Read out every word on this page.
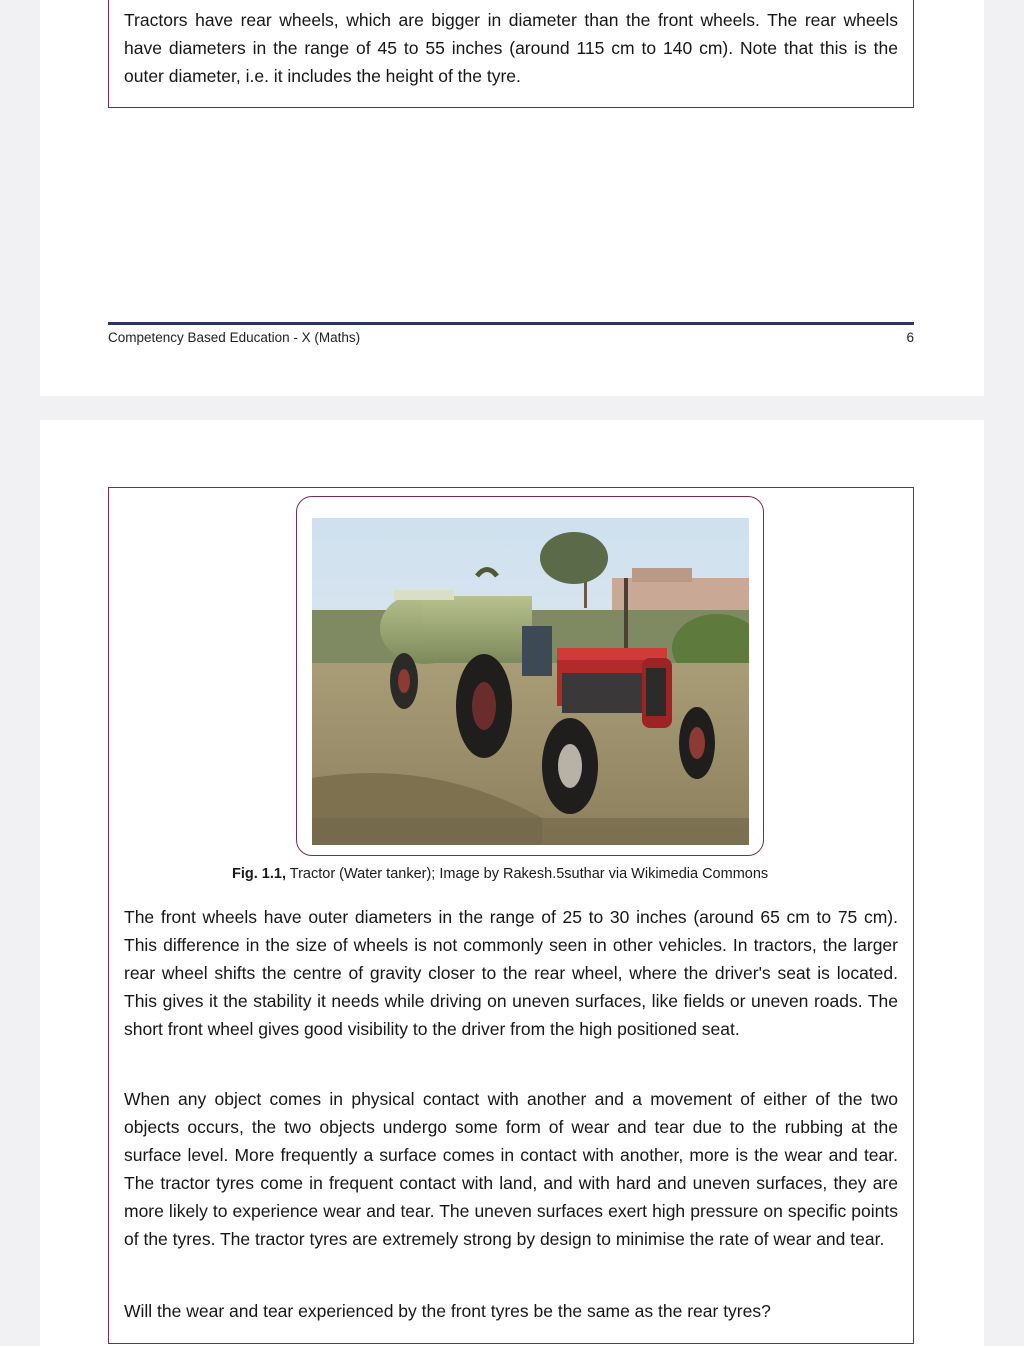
Tractors have rear wheels, which are bigger in diameter than the front wheels. The rear wheels have diameters in the range of 45 to 55 inches (around 115 cm to 140 cm). Note that this is the outer diameter, i.e. it includes the height of the tyre.

Competency Based Education - X (Maths)	6
Fig. 1.1, Tractor (Water tanker); Image by Rakesh.5suthar via Wikimedia Commons

The front wheels have outer diameters in the range of 25 to 30 inches (around 65 cm to 75 cm). This difference in the size of wheels is not commonly seen in other vehicles. In tractors, the larger rear wheel shifts the centre of gravity closer to the rear wheel, where the driver's seat is located. This gives it the stability it needs while driving on uneven surfaces, like fields or uneven roads. The short front wheel gives good visibility to the driver from the high positioned seat.

When any object comes in physical contact with another and a movement of either of the two objects occurs, the two objects undergo some form of wear and tear due to the rubbing at the surface level. More frequently a surface comes in contact with another, more is the wear and tear. The tractor tyres come in frequent contact with land, and with hard and uneven surfaces, they are more likely to experience wear and tear. The uneven surfaces exert high pressure on specific points of the tyres. The tractor tyres are extremely strong by design to minimise the rate of wear and tear.

Will the wear and tear experienced by the front tyres be the same as the rear tyres?
